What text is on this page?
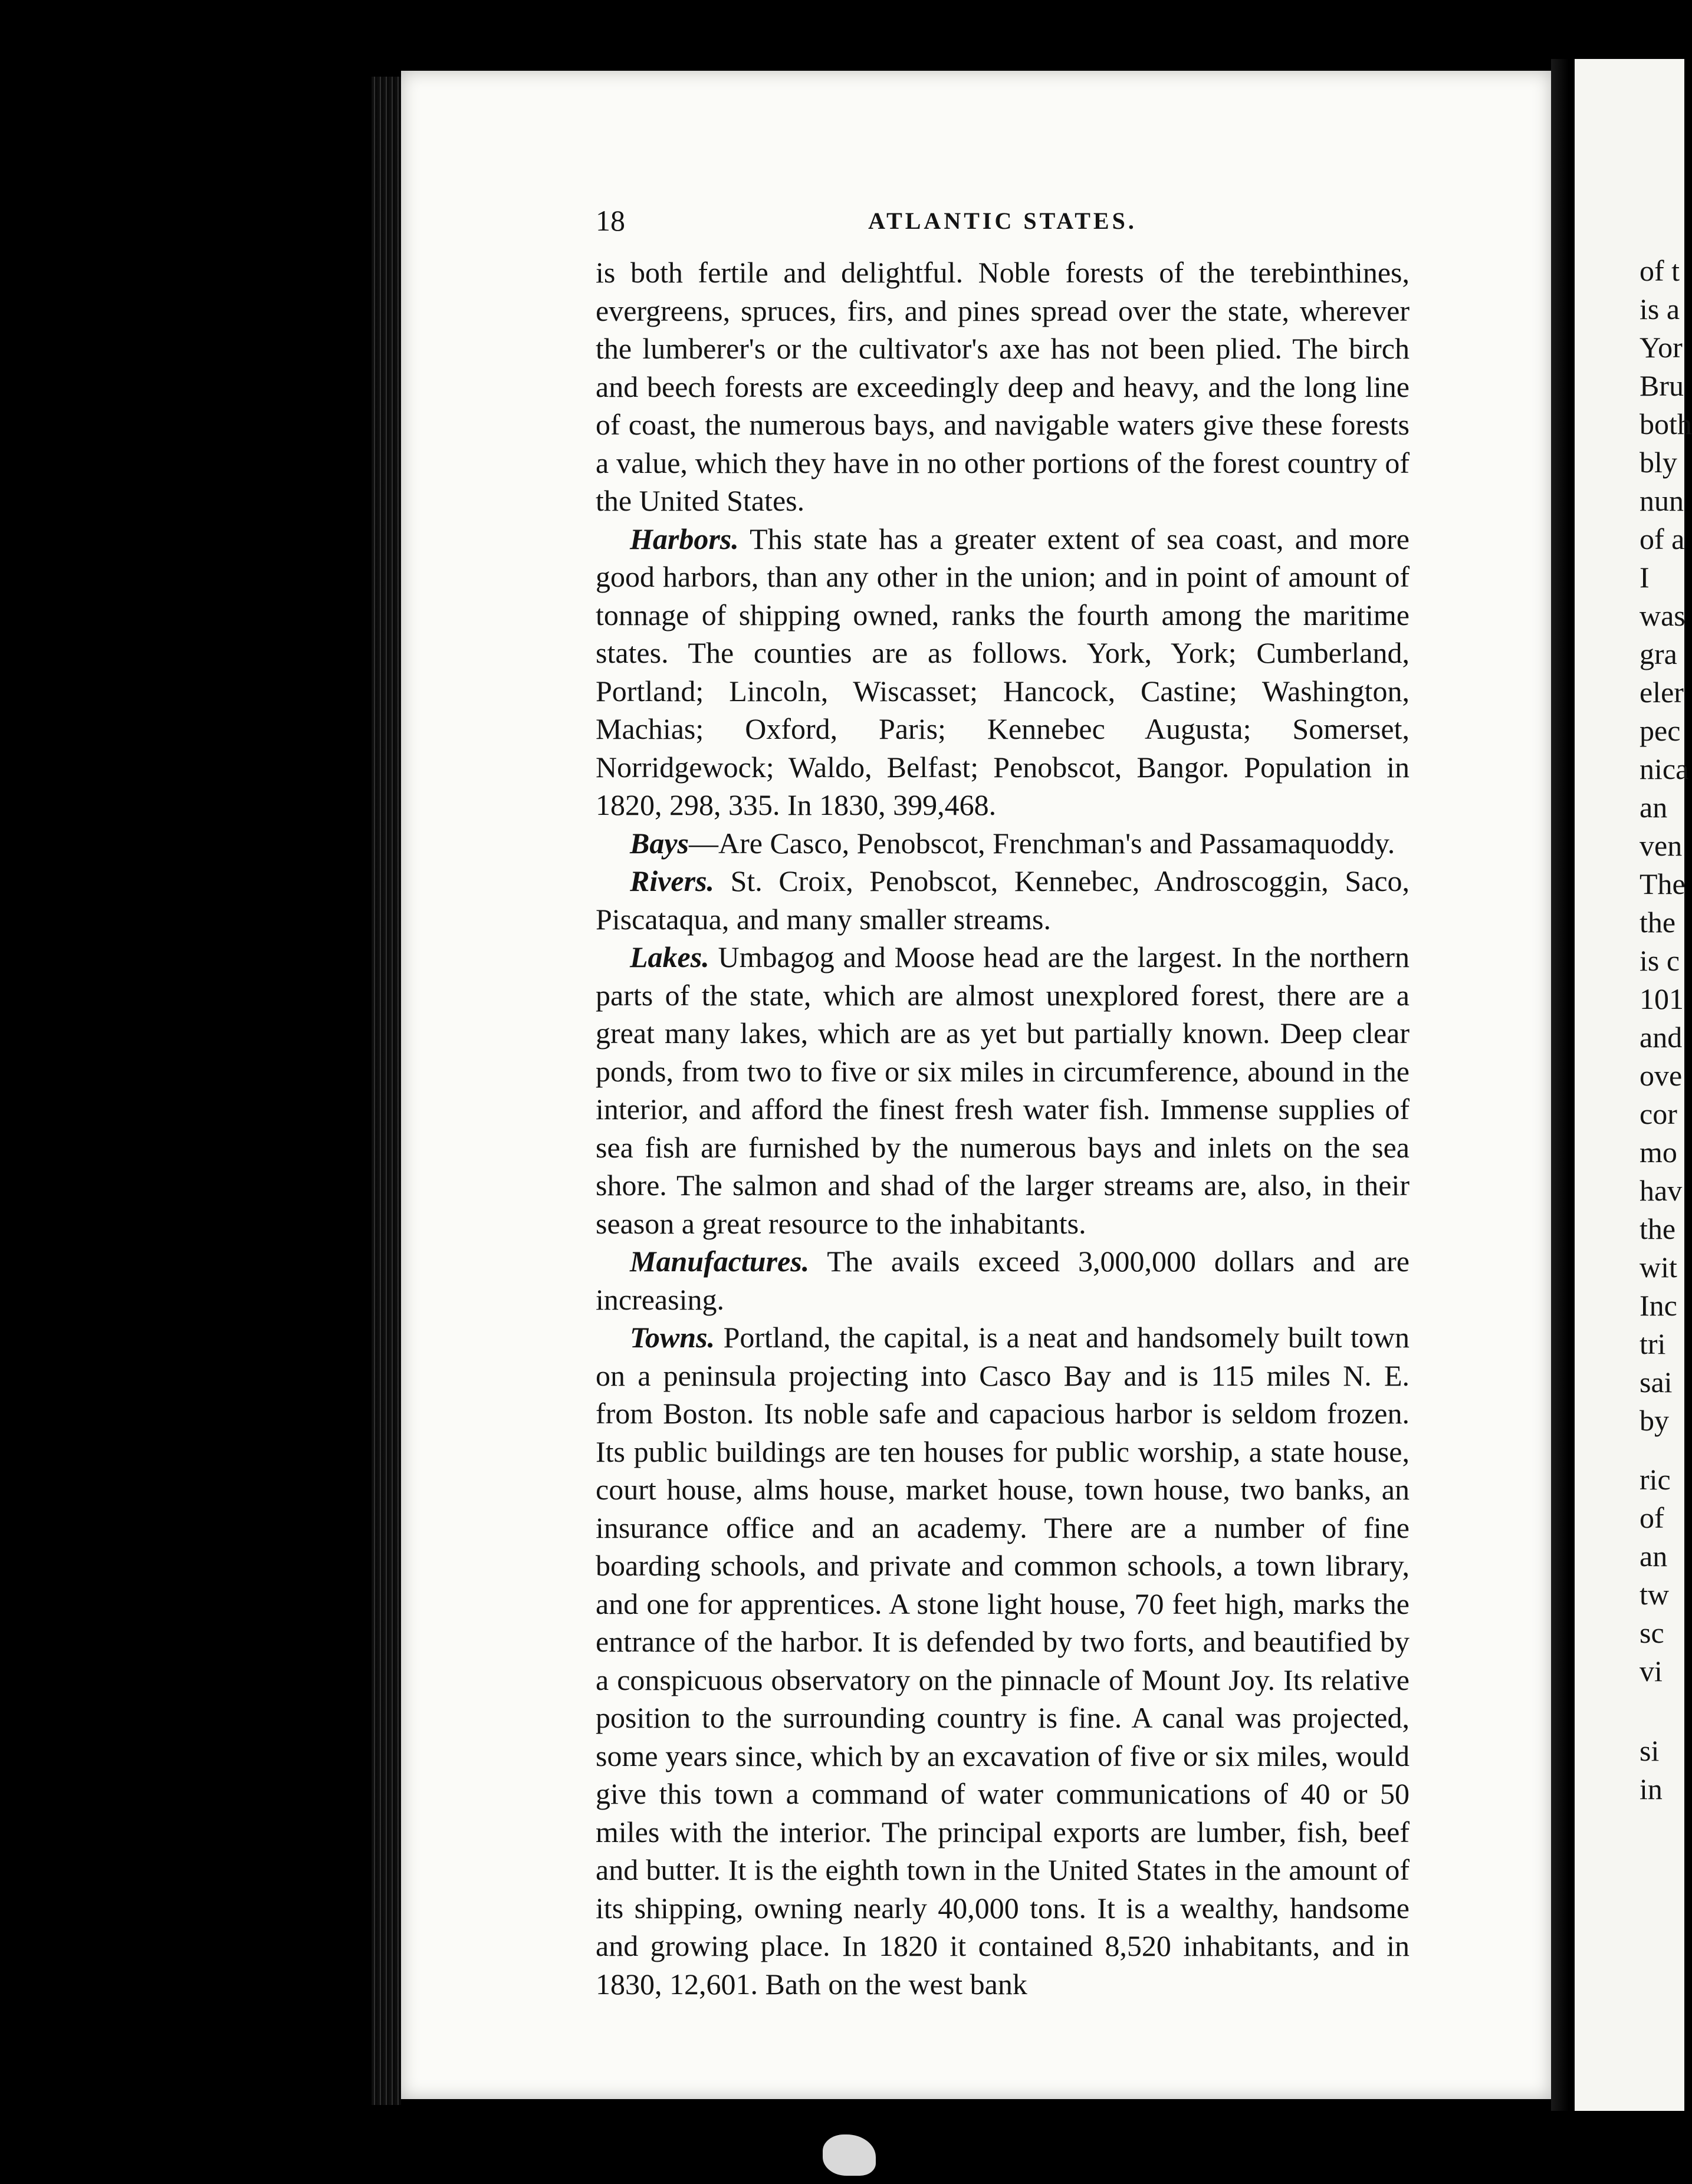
18	ATLANTIC STATES.

is both fertile and delightful. Noble forests of the terebinthines, evergreens, spruces, firs, and pines spread over the state, wherever the lumberer's or the cultivator's axe has not been plied. The birch and beech forests are exceedingly deep and heavy, and the long line of coast, the numerous bays, and navigable waters give these forests a value, which they have in no other portions of the forest country of the United States.

Harbors. This state has a greater extent of sea coast, and more good harbors, than any other in the union; and in point of amount of tonnage of shipping owned, ranks the fourth among the maritime states. The counties are as follows. York, York; Cumberland, Portland; Lincoln, Wiscasset; Hancock, Castine; Washington, Machias; Oxford, Paris; Kennebec Augusta; Somerset, Norridgewock; Waldo, Belfast; Penobscot, Bangor. Population in 1820, 298, 335. In 1830, 399,468.

Bays—Are Casco, Penobscot, Frenchman's and Passamaquoddy.

Rivers. St. Croix, Penobscot, Kennebec, Androscoggin, Saco, Piscataqua, and many smaller streams.

Lakes. Umbagog and Moose head are the largest. In the northern parts of the state, which are almost unexplored forest, there are a great many lakes, which are as yet but partially known. Deep clear ponds, from two to five or six miles in circumference, abound in the interior, and afford the finest fresh water fish. Immense supplies of sea fish are furnished by the numerous bays and inlets on the sea shore. The salmon and shad of the larger streams are, also, in their season a great resource to the inhabitants.

Manufactures. The avails exceed 3,000,000 dollars and are increasing.

Towns. Portland, the capital, is a neat and handsomely built town on a peninsula projecting into Casco Bay and is 115 miles N. E. from Boston. Its noble safe and capacious harbor is seldom frozen. Its public buildings are ten houses for public worship, a state house, court house, alms house, market house, town house, two banks, an insurance office and an academy. There are a number of fine boarding schools, and private and common schools, a town library, and one for apprentices. A stone light house, 70 feet high, marks the entrance of the harbor. It is defended by two forts, and beautified by a conspicuous observatory on the pinnacle of Mount Joy. Its relative position to the surrounding country is fine. A canal was projected, some years since, which by an excavation of five or six miles, would give this town a command of water communications of 40 or 50 miles with the interior. The principal exports are lumber, fish, beef and butter. It is the eighth town in the United States in the amount of its shipping, owning nearly 40,000 tons. It is a wealthy, handsome and growing place. In 1820 it contained 8,520 inhabitants, and in 1830, 12,601. Bath on the west bank

of t
is a
Yor
Bru
both
bly
nun
of a
I
was
gra
eler
pec
nica
an
ven
The
the
is c
101
and
ove
cor
mo
hav
the
wit
Inc
tri
sai
by
ric
of
an
tw
sc
vi
si
in
